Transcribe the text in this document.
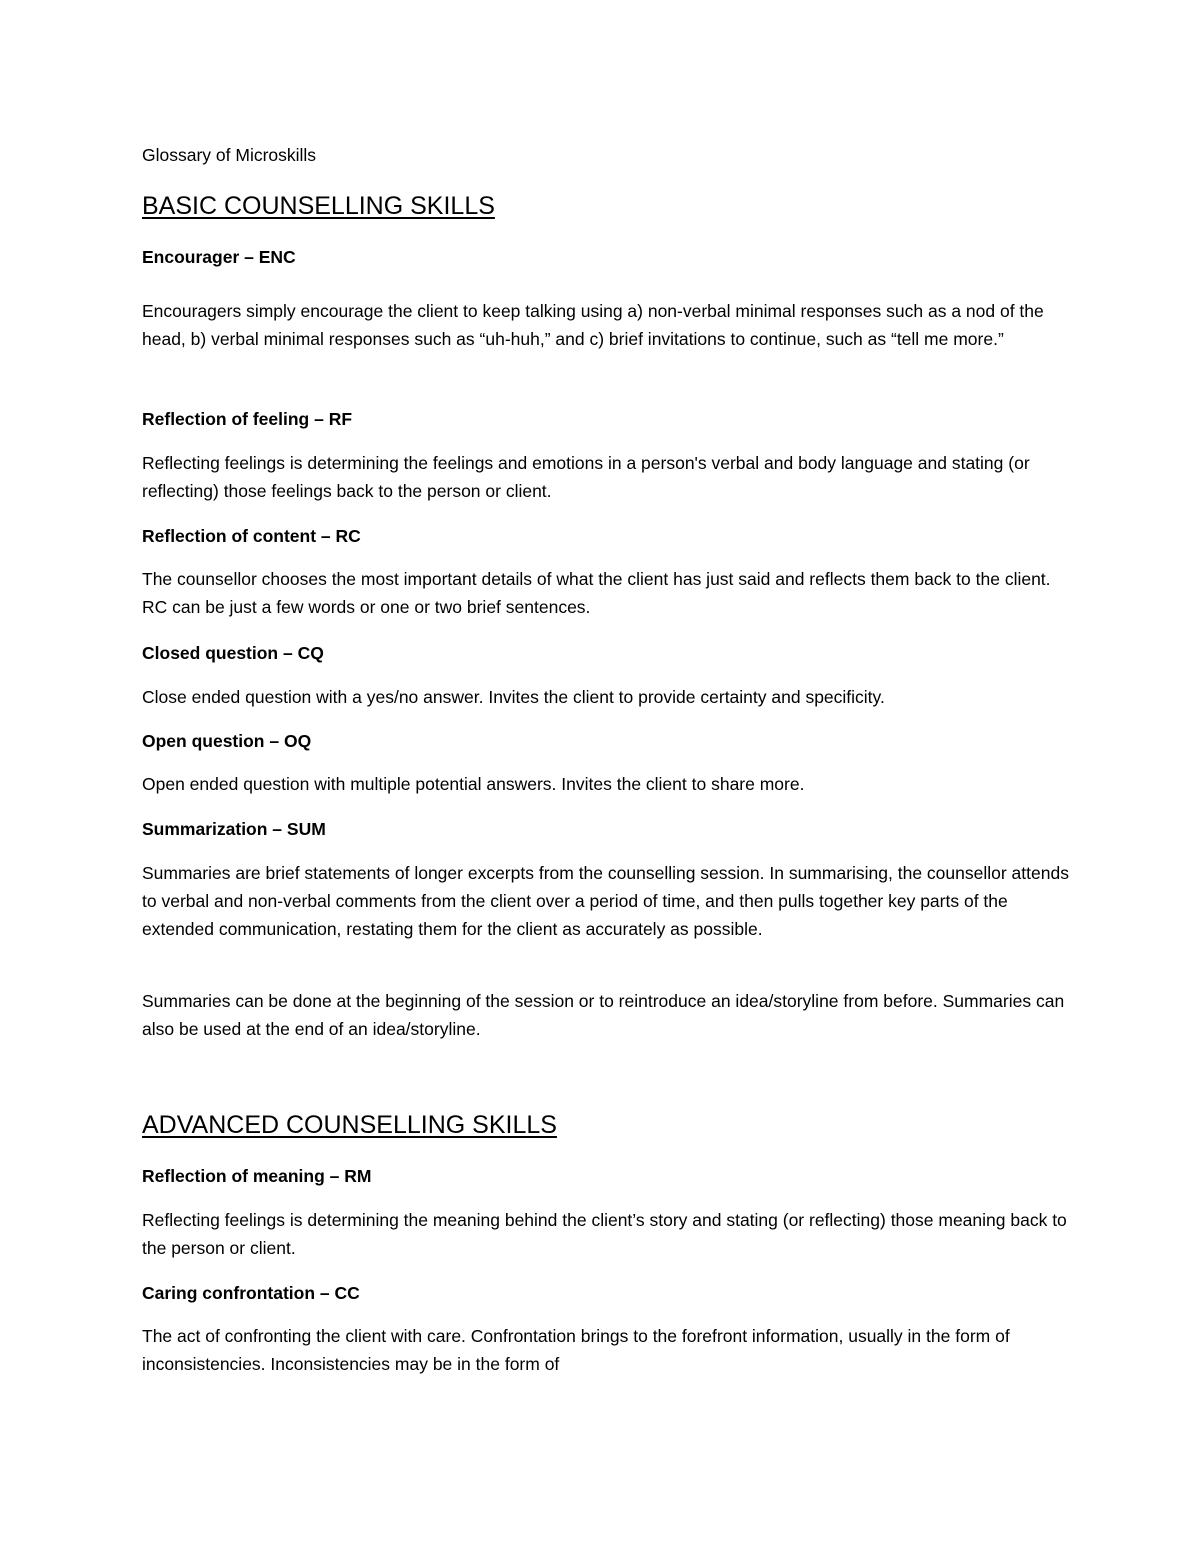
Glossary of Microskills
BASIC COUNSELLING SKILLS
Encourager – ENC

Encouragers simply encourage the client to keep talking using a) non-verbal minimal responses such as a nod of the head, b) verbal minimal responses such as “uh-huh,” and c) brief invitations to continue, such as “tell me more.”

Reflection of feeling – RF

Reflecting feelings is determining the feelings and emotions in a person's verbal and body language and stating (or reflecting) those feelings back to the person or client.

Reflection of content – RC

The counsellor chooses the most important details of what the client has just said and reflects them back to the client. RC can be just a few words or one or two brief sentences.

Closed question – CQ

Close ended question with a yes/no answer. Invites the client to provide certainty and specificity.

Open question – OQ

Open ended question with multiple potential answers. Invites the client to share more.

Summarization – SUM

Summaries are brief statements of longer excerpts from the counselling session. In summarising, the counsellor attends to verbal and non-verbal comments from the client over a period of time, and then pulls together key parts of the extended communication, restating them for the client as accurately as possible.

Summaries can be done at the beginning of the session or to reintroduce an idea/storyline from before. Summaries can also be used at the end of an idea/storyline.

ADVANCED COUNSELLING SKILLS
Reflection of meaning – RM

Reflecting feelings is determining the meaning behind the client’s story and stating (or reflecting) those meaning back to the person or client.

Caring confrontation – CC

The act of confronting the client with care. Confrontation brings to the forefront information, usually in the form of inconsistencies. Inconsistencies may be in the form of
